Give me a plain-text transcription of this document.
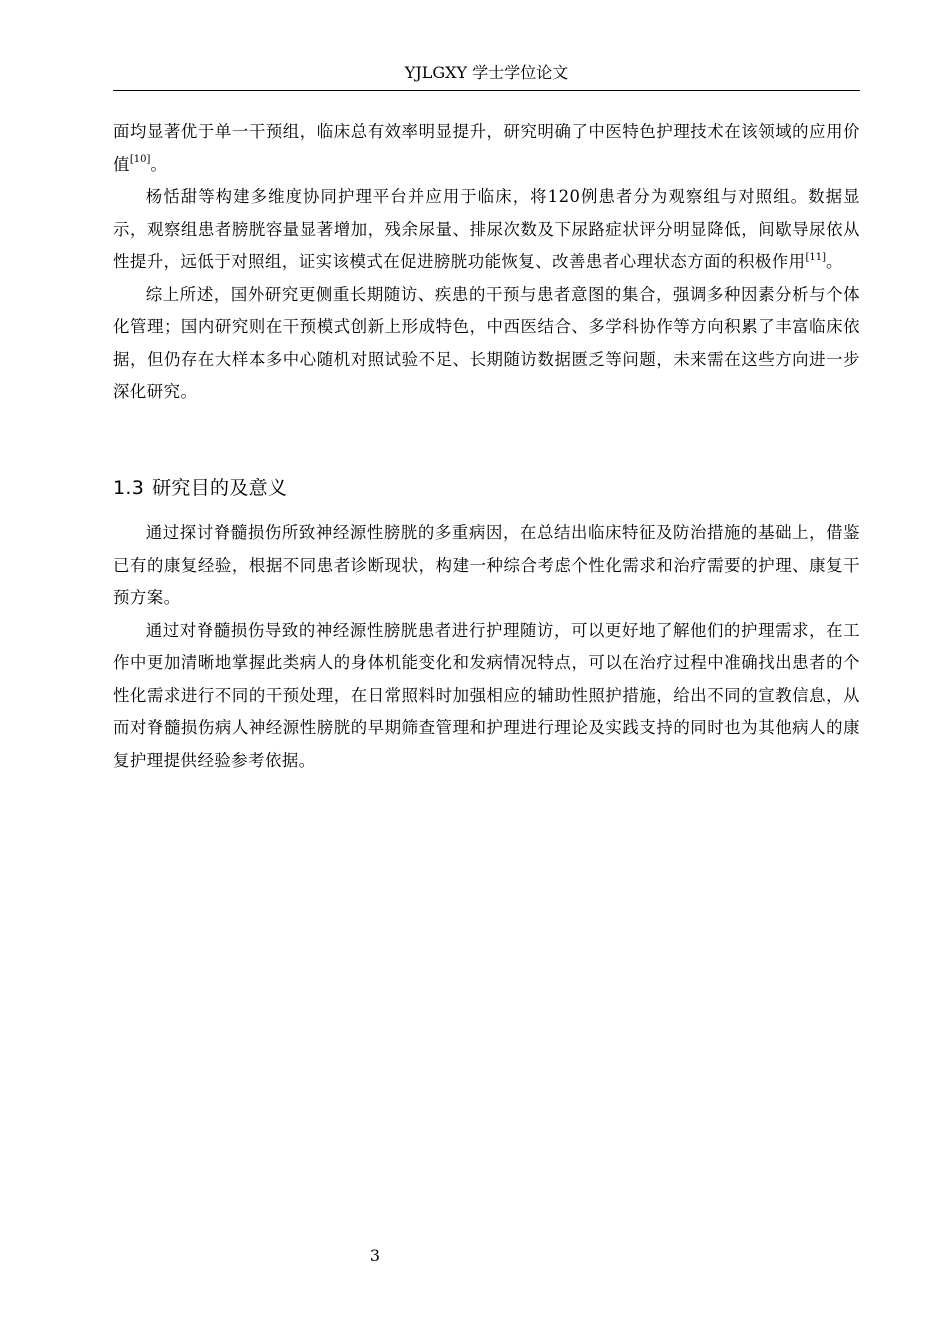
YJLGXY 学士学位论文

面均显著优于单一干预组，临床总有效率明显提升，研究明确了中医特色护理技术在该领域的应用价值[10]。

杨恬甜等构建多维度协同护理平台并应用于临床，将120例患者分为观察组与对照组。数据显示，观察组患者膀胱容量显著增加，残余尿量、排尿次数及下尿路症状评分明显降低，间歇导尿依从性提升，远低于对照组，证实该模式在促进膀胱功能恢复、改善患者心理状态方面的积极作用[11]。

综上所述，国外研究更侧重长期随访、疾患的干预与患者意图的集合，强调多种因素分析与个体化管理；国内研究则在干预模式创新上形成特色，中西医结合、多学科协作等方向积累了丰富临床依据，但仍存在大样本多中心随机对照试验不足、长期随访数据匮乏等问题，未来需在这些方向进一步深化研究。

1.3 研究目的及意义

通过探讨脊髓损伤所致神经源性膀胱的多重病因，在总结出临床特征及防治措施的基础上，借鉴已有的康复经验，根据不同患者诊断现状，构建一种综合考虑个性化需求和治疗需要的护理、康复干预方案。

通过对脊髓损伤导致的神经源性膀胱患者进行护理随访，可以更好地了解他们的护理需求，在工作中更加清晰地掌握此类病人的身体机能变化和发病情况特点，可以在治疗过程中准确找出患者的个性化需求进行不同的干预处理，在日常照料时加强相应的辅助性照护措施，给出不同的宣教信息，从而对脊髓损伤病人神经源性膀胱的早期筛查管理和护理进行理论及实践支持的同时也为其他病人的康复护理提供经验参考依据。

3
